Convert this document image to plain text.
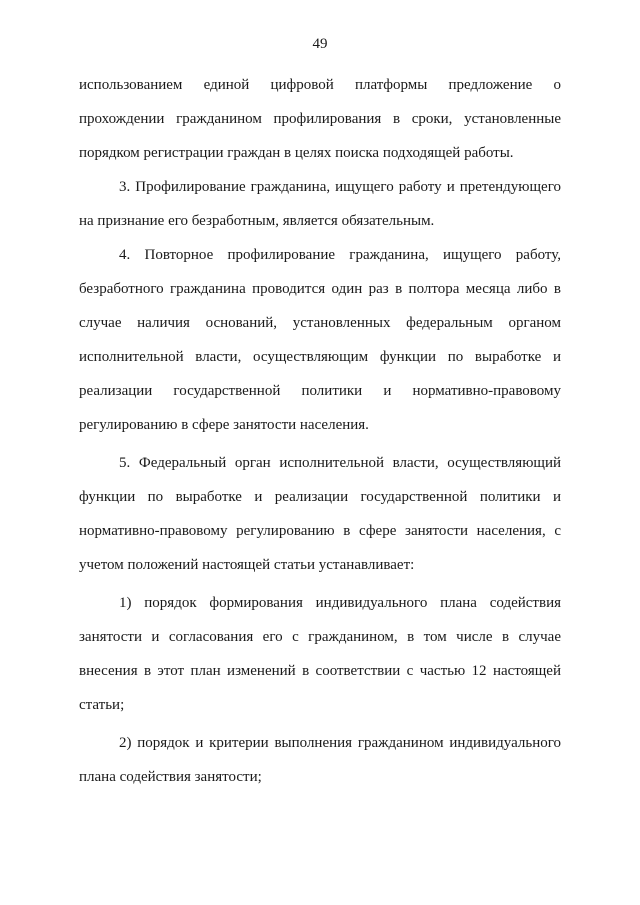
49

использованием единой цифровой платформы предложение о прохождении гражданином профилирования в сроки, установленные порядком регистрации граждан в целях поиска подходящей работы.

3. Профилирование гражданина, ищущего работу и претендующего на признание его безработным, является обязательным.

4. Повторное профилирование гражданина, ищущего работу, безработного гражданина проводится один раз в полтора месяца либо в случае наличия оснований, установленных федеральным органом исполнительной власти, осуществляющим функции по выработке и реализации государственной политики и нормативно-правовому регулированию в сфере занятости населения.

5. Федеральный орган исполнительной власти, осуществляющий функции по выработке и реализации государственной политики и нормативно-правовому регулированию в сфере занятости населения, с учетом положений настоящей статьи устанавливает:

1) порядок формирования индивидуального плана содействия занятости и согласования его с гражданином, в том числе в случае внесения в этот план изменений в соответствии с частью 12 настоящей статьи;

2) порядок и критерии выполнения гражданином индивидуального плана содействия занятости;
